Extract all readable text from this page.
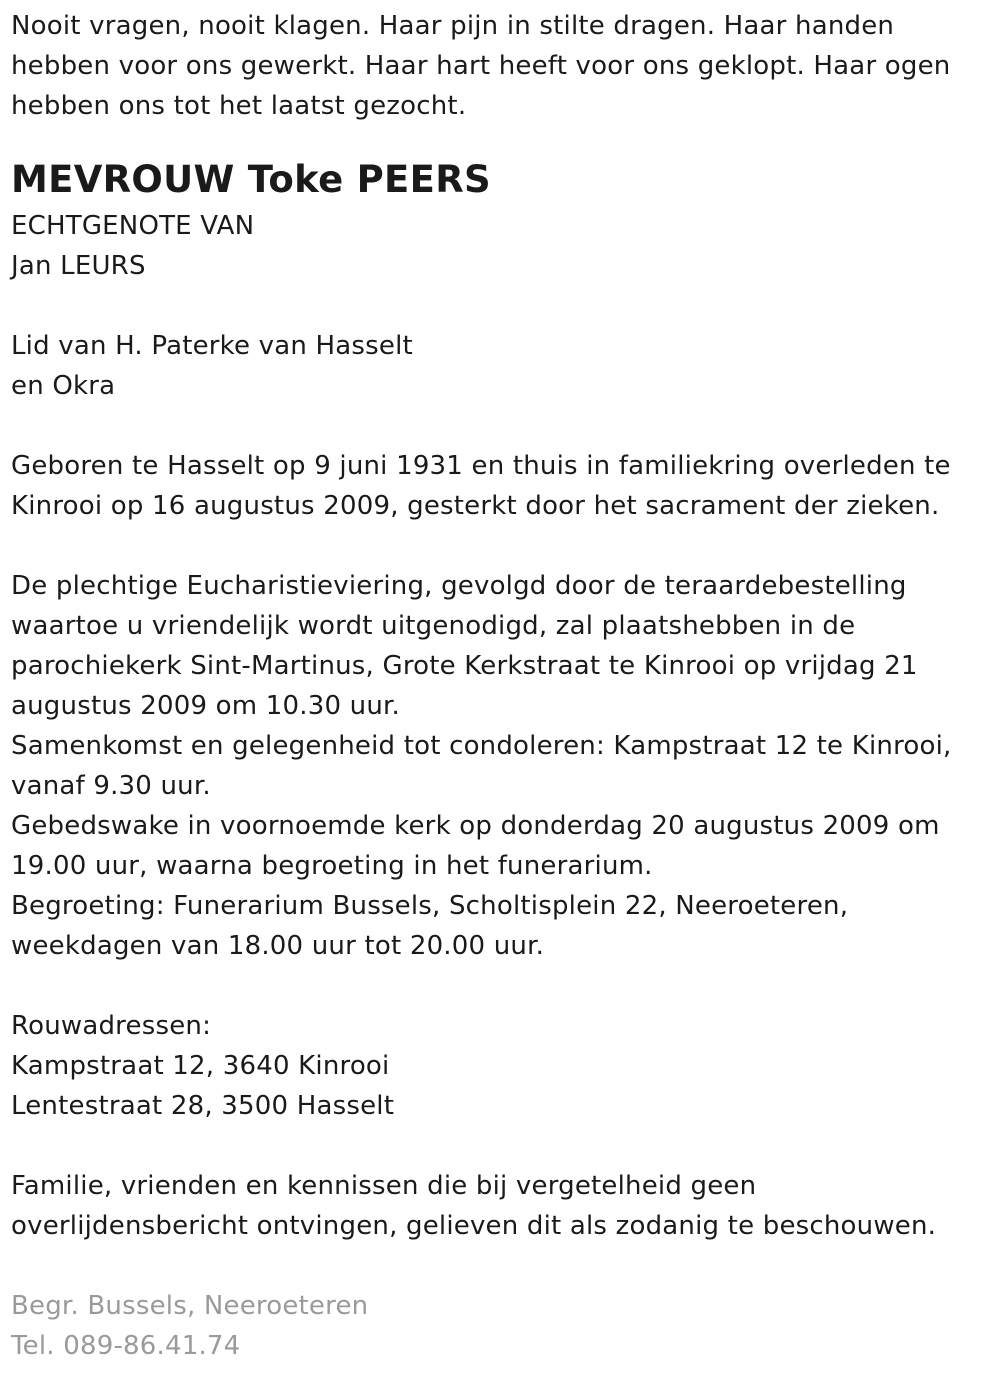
Nooit vragen, nooit klagen. Haar pijn in stilte dragen. Haar handen
hebben voor ons gewerkt. Haar hart heeft voor ons geklopt. Haar ogen
hebben ons tot het laatst gezocht.
MEVROUW Toke PEERS
ECHTGENOTE VAN
Jan LEURS
Lid van H. Paterke van Hasselt
en Okra
Geboren te Hasselt op 9 juni 1931 en thuis in familiekring overleden te
Kinrooi op 16 augustus 2009, gesterkt door het sacrament der zieken.
De plechtige Eucharistieviering, gevolgd door de teraardebestelling
waartoe u vriendelijk wordt uitgenodigd, zal plaatshebben in de
parochiekerk Sint-Martinus, Grote Kerkstraat te Kinrooi op vrijdag 21
augustus 2009 om 10.30 uur.
Samenkomst en gelegenheid tot condoleren: Kampstraat 12 te Kinrooi,
vanaf 9.30 uur.
Gebedswake in voornoemde kerk op donderdag 20 augustus 2009 om
19.00 uur, waarna begroeting in het funerarium.
Begroeting: Funerarium Bussels, Scholtisplein 22, Neeroeteren,
weekdagen van 18.00 uur tot 20.00 uur.
Rouwadressen:
Kampstraat 12, 3640 Kinrooi
Lentestraat 28, 3500 Hasselt
Familie, vrienden en kennissen die bij vergetelheid geen
overlijdensbericht ontvingen, gelieven dit als zodanig te beschouwen.
Begr. Bussels, Neeroeteren
Tel. 089-86.41.74
